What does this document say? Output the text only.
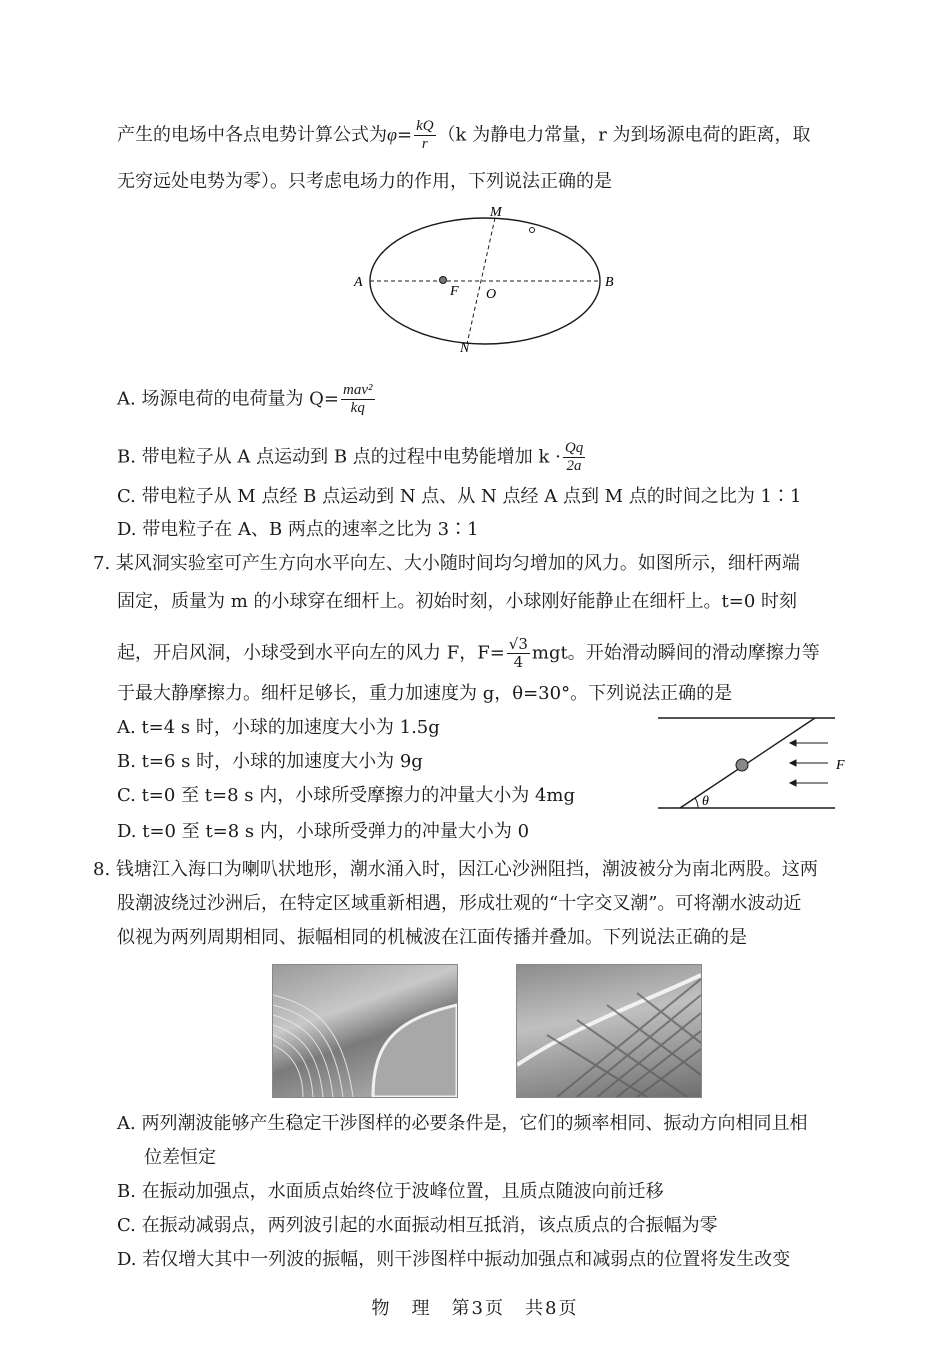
产生的电场中各点电势计算公式为$\varphi= \frac{kQ}{r} (k$ 为静电力常量，r 为到场源电荷的距离，取
无穷远处电势为零）。只考虑电场力的作用，下列说法正确的是
M
N
A	B
F O
A. 场源电荷的电荷量为 $Q= \frac{\text{mav²}}{kq}$
B. 带电粒子从 A 点运动到 B 点的过程中电势能增加 $k \cdot \frac{Qq}{2a}$
C. 带电粒子从 M 点经 B 点运动到 N 点、从 N 点经 A 点到 M 点的时间之比为 1∶1
D. 带电粒子在 A、B 两点的速率之比为 3∶1
7. 某风洞实验室可产生方向水平向左、大小随时间均匀增加的风力。如图所示，细杆两端
固定，质量为 m 的小球穿在细杆上。初始时刻，小球刚好能静止在细杆上。t=0 时刻
起，开启风洞，小球受到水平向左的风力 F，$F= \frac{√3}{4}$ mgt。开始滑动瞬间的滑动摩擦力等
于最大静摩擦力。细杆足够长，重力加速度为 g，θ=30°。下列说法正确的是
A. t=4 s 时，小球的加速度大小为 1.5g
B. t=6 s 时，小球的加速度大小为 9g
C. t=0 至 t=8 s 内，小球所受摩擦力的冲量大小为 4mg
D. t=0 至 t=8 s 内，小球所受弹力的冲量大小为 0
θ
F
8. 钱塘江入海口为喇叭状地形，潮水涌入时，因江心沙洲阻挡，潮波被分为南北两股。这两
股潮波绕过沙洲后，在特定区域重新相遇，形成壮观的“十字交叉潮”。可将潮水波动近
似视为两列周期相同、振幅相同的机械波在江面传播并叠加。下列说法正确的是
A. 两列潮波能够产生稳定干涉图样的必要条件是，它们的频率相同、振动方向相同且相
位差恒定
B. 在振动加强点，水面质点始终位于波峰位置，且质点随波向前迁移
C. 在振动减弱点，两列波引起的水面振动相互抵消，该点质点的合振幅为零
D. 若仅增大其中一列波的振幅，则干涉图样中振动加强点和减弱点的位置将发生改变
物　理　第3页　共8页
